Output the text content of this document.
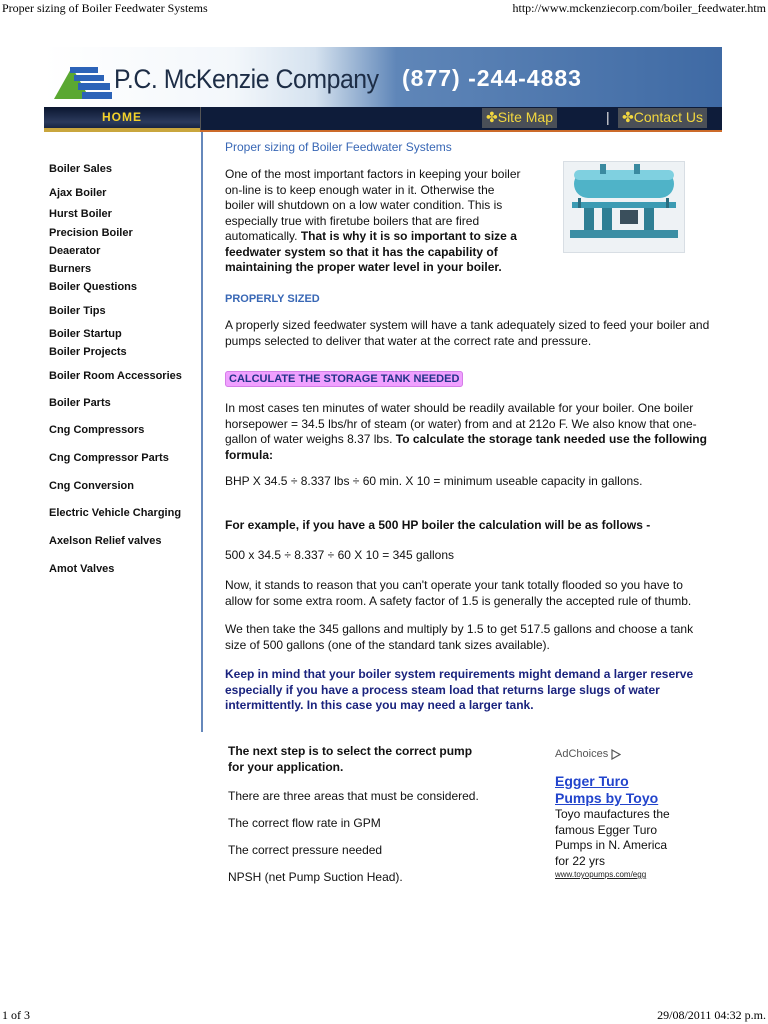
Proper sizing of Boiler Feedwater Systems	http://www.mckenziecorp.com/boiler_feedwater.htm
P.C. McKenzie Company (877) -244-4883
HOME	✤Site Map	| ✤Contact Us
Boiler Sales
Ajax Boiler
Hurst Boiler
Precision Boiler
Deaerator
Burners
Boiler Questions
Boiler Tips
Boiler Startup
Boiler Projects
Boiler Room Accessories
Boiler Parts
Cng Compressors
Cng Compressor Parts
Cng Conversion
Electric Vehicle Charging
Axelson Relief valves
Amot Valves
Proper sizing of Boiler Feedwater Systems
One of the most important factors in keeping your boiler on-line is to keep enough water in it. Otherwise the boiler will shutdown on a low water condition. This is especially true with firetube boilers that are fired automatically. That is why it is so important to size a feedwater system so that it has the capability of maintaining the proper water level in your boiler.
PROPERLY SIZED
A properly sized feedwater system will have a tank adequately sized to feed your boiler and pumps selected to deliver that water at the correct rate and pressure.
CALCULATE THE STORAGE TANK NEEDED
In most cases ten minutes of water should be readily available for your boiler. One boiler horsepower = 34.5 lbs/hr of steam (or water) from and at 212o F. We also know that one-gallon of water weighs 8.37 lbs. To calculate the storage tank needed use the following formula:
BHP X 34.5 ÷ 8.337 lbs ÷ 60 min. X 10 = minimum useable capacity in gallons.
For example, if you have a 500 HP boiler the calculation will be as follows -
500 x 34.5 ÷ 8.337 ÷ 60 X 10 = 345 gallons
Now, it stands to reason that you can't operate your tank totally flooded so you have to allow for some extra room. A safety factor of 1.5 is generally the accepted rule of thumb.
We then take the 345 gallons and multiply by 1.5 to get 517.5 gallons and choose a tank size of 500 gallons (one of the standard tank sizes available).
Keep in mind that your boiler system requirements might demand a larger reserve especially if you have a process steam load that returns large slugs of water intermittently. In this case you may need a larger tank.
The next step is to select the correct pump for your application.
There are three areas that must be considered.
The correct flow rate in GPM
The correct pressure needed
NPSH (net Pump Suction Head).
AdChoices
Egger Turo Pumps by Toyo
Toyo maufactures the famous Egger Turo Pumps in N. America for 22 yrs
www.toyopumps.com/egg
1 of 3	29/08/2011 04:32 p.m.
